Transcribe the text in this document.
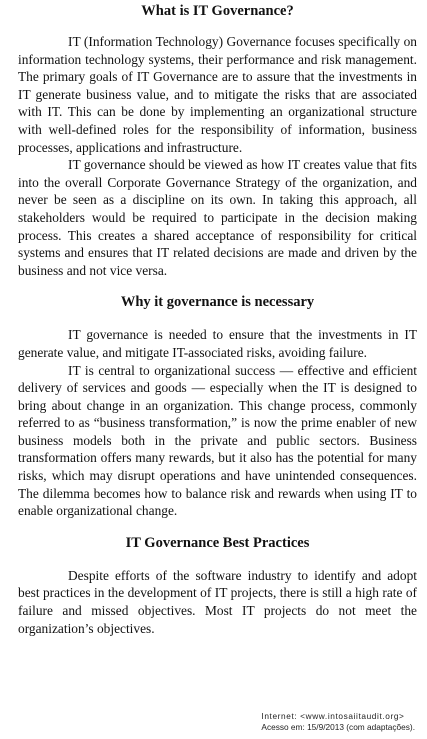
What is IT Governance?

IT (Information Technology) Governance focuses specifically on information technology systems, their performance and risk management. The primary goals of IT Governance are to assure that the investments in IT generate business value, and to mitigate the risks that are associated with IT. This can be done by implementing an organizational structure with well-defined roles for the responsibility of information, business processes, applications and infrastructure.

IT governance should be viewed as how IT creates value that fits into the overall Corporate Governance Strategy of the organization, and never be seen as a discipline on its own. In taking this approach, all stakeholders would be required to participate in the decision making process. This creates a shared acceptance of responsibility for critical systems and ensures that IT related decisions are made and driven by the business and not vice versa.

Why it governance is necessary

IT governance is needed to ensure that the investments in IT generate value, and mitigate IT-associated risks, avoiding failure.

IT is central to organizational success — effective and efficient delivery of services and goods — especially when the IT is designed to bring about change in an organization. This change process, commonly referred to as “business transformation,” is now the prime enabler of new business models both in the private and public sectors. Business transformation offers many rewards, but it also has the potential for many risks, which may disrupt operations and have unintended consequences. The dilemma becomes how to balance risk and rewards when using IT to enable organizational change.

IT Governance Best Practices

Despite efforts of the software industry to identify and adopt best practices in the development of IT projects, there is still a high rate of failure and missed objectives. Most IT projects do not meet the organization’s objectives.

Internet: <www.intosaiitaudit.org>
Acesso em: 15/9/2013 (com adaptações).
